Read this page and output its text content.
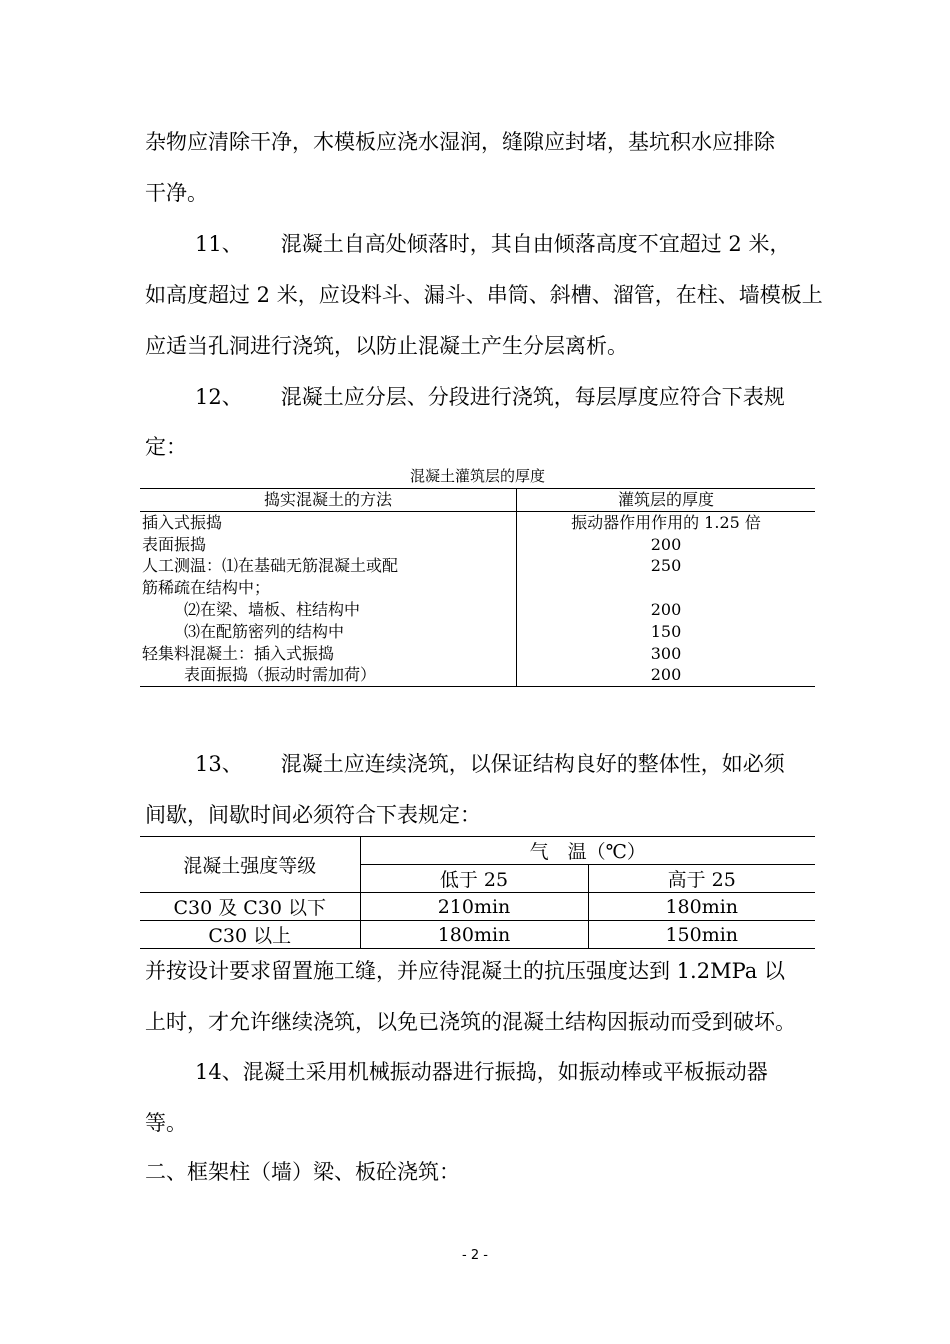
杂物应清除干净，木模板应浇水湿润，缝隙应封堵，基坑积水应排除

干净。

11、 混凝土自高处倾落时，其自由倾落高度不宜超过 2 米，

如高度超过 2 米，应设料斗、漏斗、串筒、斜槽、溜管，在柱、墙模板上

应适当孔洞进行浇筑，以防止混凝土产生分层离析。

12、 混凝土应分层、分段进行浇筑，每层厚度应符合下表规

定：

混凝土灌筑层的厚度
捣实混凝土的方法	灌筑层的厚度
插入式振捣	振动器作用作用的 1.25 倍
表面振捣	200
人工测温：⑴在基础无筋混凝土或配	250
筋稀疏在结构中；	
⑵在梁、墙板、柱结构中	200
⑶在配筋密列的结构中	150
轻集料混凝土：插入式振捣	300
表面振捣（振动时需加荷）	200

13、 混凝土应连续浇筑，以保证结构良好的整体性，如必须

间歇，间歇时间必须符合下表规定：

混凝土强度等级	气　温（℃）	
	低于 25	高于 25
C30 及 C30 以下	210min	180min
C30 以上	180min	150min

并按设计要求留置施工缝，并应待混凝土的抗压强度达到 1.2MPa 以

上时，才允许继续浇筑，以免已浇筑的混凝土结构因振动而受到破坏。

14、混凝土采用机械振动器进行振捣，如振动棒或平板振动器

等。

二、框架柱（墙）梁、板砼浇筑：

- 2 -
